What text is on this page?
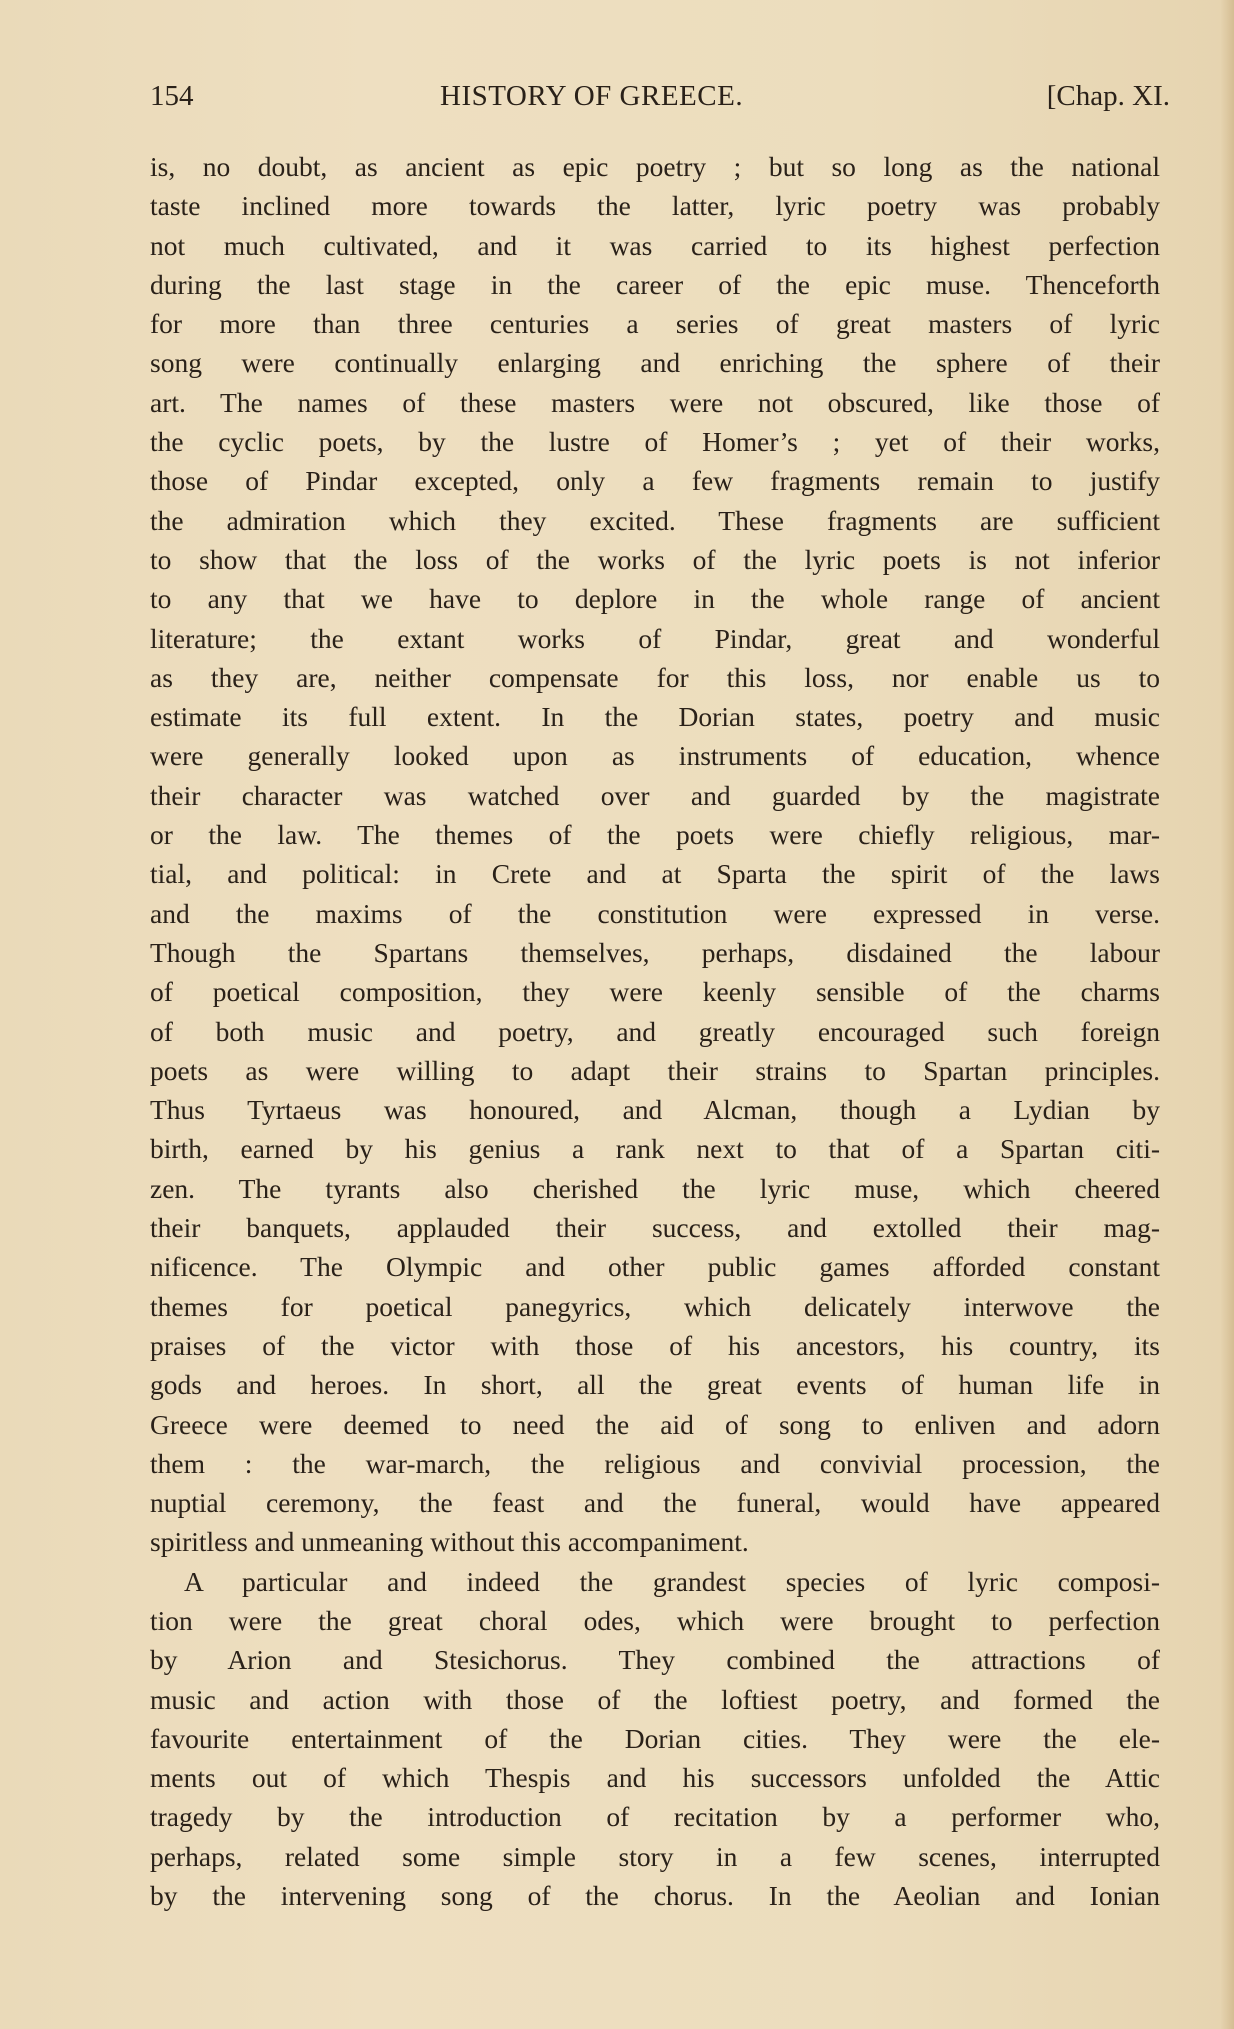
154	HISTORY OF GREECE.	[Chap. XI.
is, no doubt, as ancient as epic poetry ; but so long as the national
taste inclined more towards the latter, lyric poetry was probably
not much cultivated, and it was carried to its highest perfection
during the last stage in the career of the epic muse. Thenceforth
for more than three centuries a series of great masters of lyric
song were continually enlarging and enriching the sphere of their
art. The names of these masters were not obscured, like those of
the cyclic poets, by the lustre of Homer’s ; yet of their works,
those of Pindar excepted, only a few fragments remain to justify
the admiration which they excited. These fragments are sufficient
to show that the loss of the works of the lyric poets is not inferior
to any that we have to deplore in the whole range of ancient
literature; the extant works of Pindar, great and wonderful
as they are, neither compensate for this loss, nor enable us to
estimate its full extent. In the Dorian states, poetry and music
were generally looked upon as instruments of education, whence
their character was watched over and guarded by the magistrate
or the law. The themes of the poets were chiefly religious, mar-
tial, and political: in Crete and at Sparta the spirit of the laws
and the maxims of the constitution were expressed in verse.
Though the Spartans themselves, perhaps, disdained the labour
of poetical composition, they were keenly sensible of the charms
of both music and poetry, and greatly encouraged such foreign
poets as were willing to adapt their strains to Spartan principles.
Thus Tyrtaeus was honoured, and Alcman, though a Lydian by
birth, earned by his genius a rank next to that of a Spartan citi-
zen. The tyrants also cherished the lyric muse, which cheered
their banquets, applauded their success, and extolled their mag-
nificence. The Olympic and other public games afforded constant
themes for poetical panegyrics, which delicately interwove the
praises of the victor with those of his ancestors, his country, its
gods and heroes. In short, all the great events of human life in
Greece were deemed to need the aid of song to enliven and adorn
them : the war-march, the religious and convivial procession, the
nuptial ceremony, the feast and the funeral, would have appeared
spiritless and unmeaning without this accompaniment.
A particular and indeed the grandest species of lyric composi-
tion were the great choral odes, which were brought to perfection
by Arion and Stesichorus. They combined the attractions of
music and action with those of the loftiest poetry, and formed the
favourite entertainment of the Dorian cities. They were the ele-
ments out of which Thespis and his successors unfolded the Attic
tragedy by the introduction of recitation by a performer who,
perhaps, related some simple story in a few scenes, interrupted
by the intervening song of the chorus. In the Aeolian and Ionian
